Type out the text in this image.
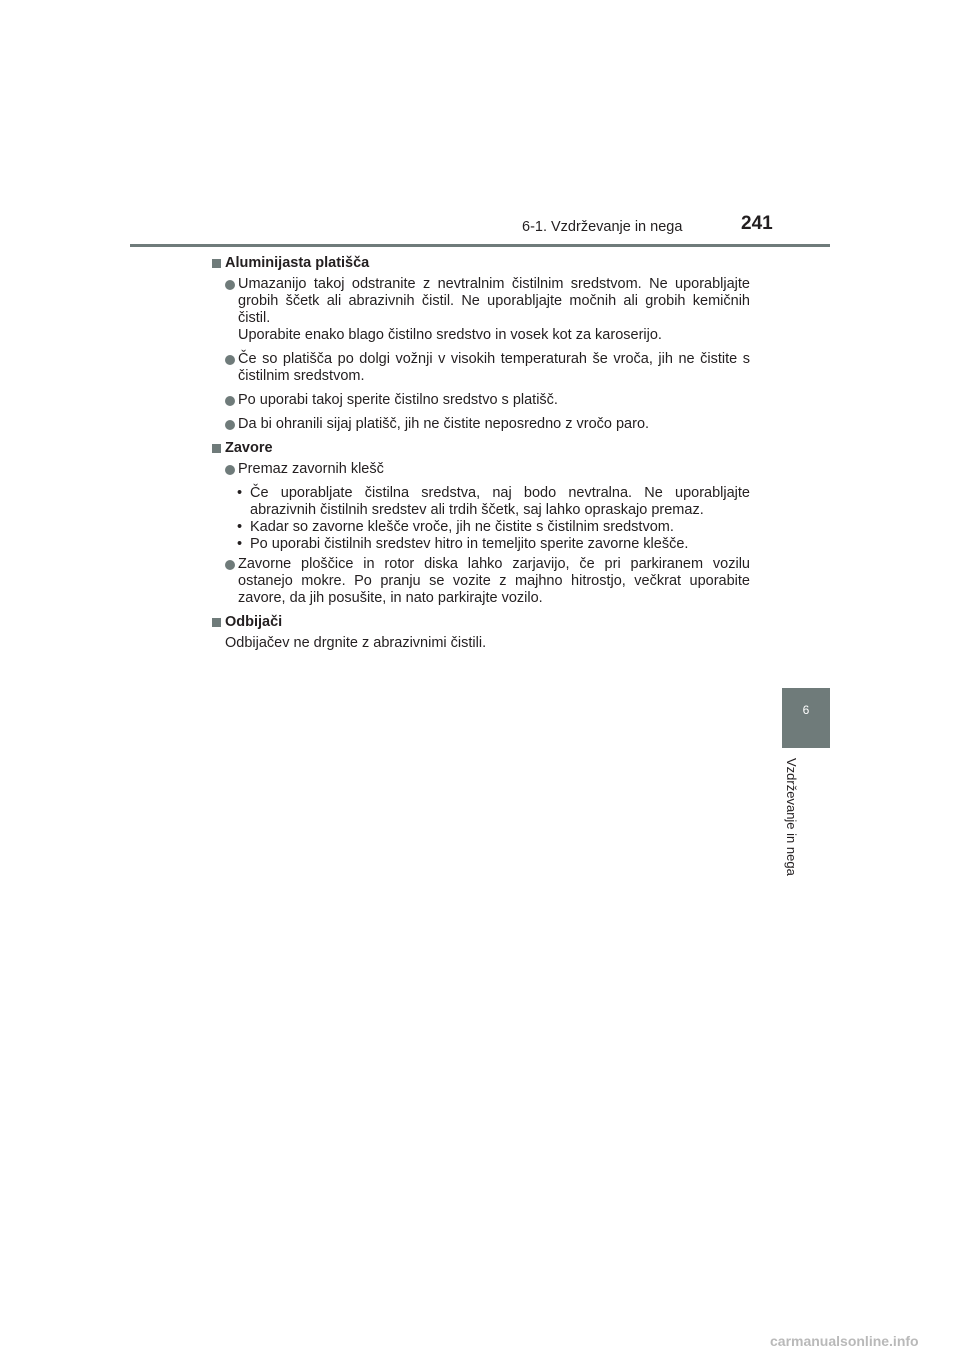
6-1. Vzdrževanje in nega	241
6
Vzdrževanje in nega
Aluminijasta platišča
Umazanijo takoj odstranite z nevtralnim čistilnim sredstvom. Ne uporabljajte grobih ščetk ali abrazivnih čistil. Ne uporabljajte močnih ali grobih kemičnih čistil.
Uporabite enako blago čistilno sredstvo in vosek kot za karoserijo.
Če so platišča po dolgi vožnji v visokih temperaturah še vroča, jih ne čistite s čistilnim sredstvom.
Po uporabi takoj sperite čistilno sredstvo s platišč.
Da bi ohranili sijaj platišč, jih ne čistite neposredno z vročo paro.
Zavore
Premaz zavornih klešč
• Če uporabljate čistilna sredstva, naj bodo nevtralna. Ne uporabljajte abrazivnih čistilnih sredstev ali trdih ščetk, saj lahko opraskajo premaz.
• Kadar so zavorne klešče vroče, jih ne čistite s čistilnim sredstvom.
• Po uporabi čistilnih sredstev hitro in temeljito sperite zavorne klešče.
Zavorne ploščice in rotor diska lahko zarjavijo, če pri parkiranem vozilu ostanejo mokre. Po pranju se vozite z majhno hitrostjo, večkrat uporabite zavore, da jih posušite, in nato parkirajte vozilo.
Odbijači
Odbijačev ne drgnite z abrazivnimi čistili.
carmanualsonline.info
